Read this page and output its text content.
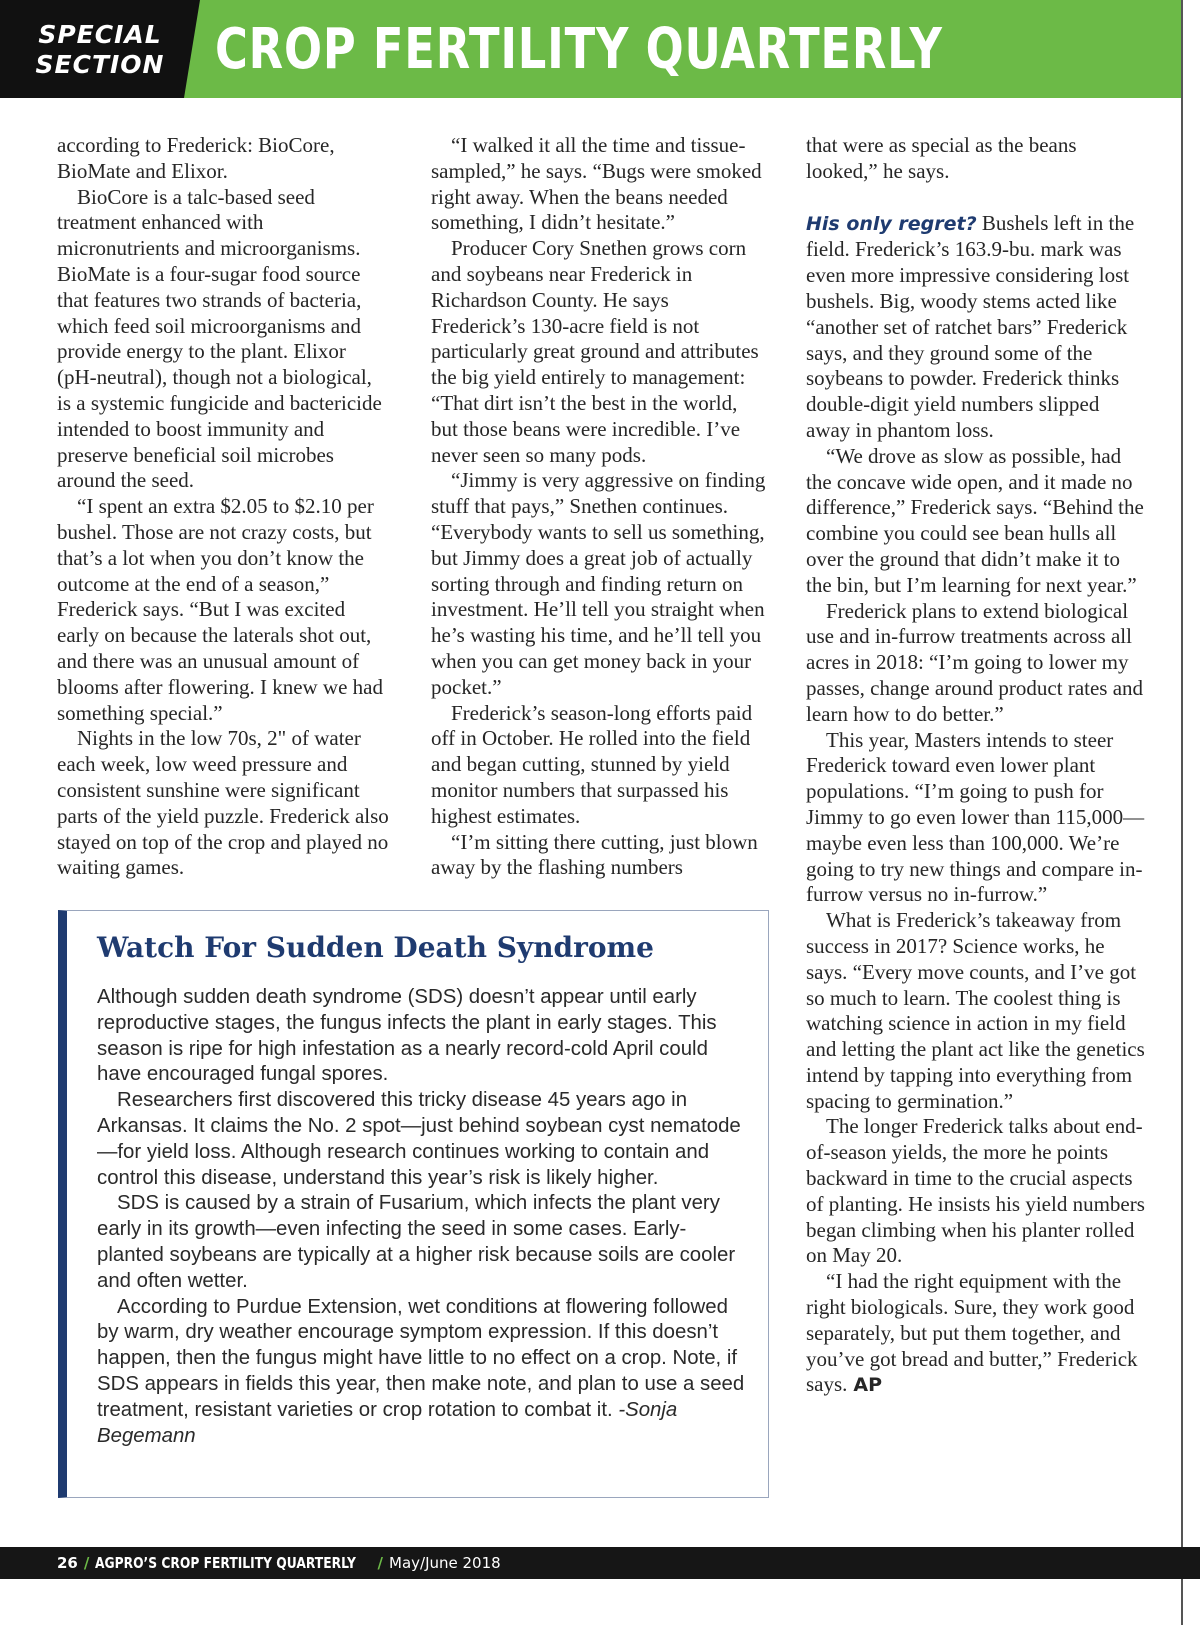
SPECIAL
SECTION CROP FERTILITY QUARTERLY

according to Frederick: BioCore, BioMate and Elixor.

BioCore is a talc-based seed treatment enhanced with micronutrients and microorganisms. BioMate is a four-sugar food source that features two strands of bacteria, which feed soil microorganisms and provide energy to the plant. Elixor (pH-neutral), though not a biological, is a systemic fungicide and bactericide intended to boost immunity and preserve beneficial soil microbes around the seed.

“I spent an extra $2.05 to $2.10 per bushel. Those are not crazy costs, but that’s a lot when you don’t know the outcome at the end of a season,” Frederick says. “But I was excited early on because the laterals shot out, and there was an unusual amount of blooms after flowering. I knew we had something special.”

Nights in the low 70s, 2" of water each week, low weed pressure and consistent sunshine were significant parts of the yield puzzle. Frederick also stayed on top of the crop and played no waiting games.

“I walked it all the time and tissue-sampled,” he says. “Bugs were smoked right away. When the beans needed something, I didn’t hesitate.”

Producer Cory Snethen grows corn and soybeans near Frederick in Richardson County. He says Frederick’s 130-acre field is not particularly great ground and attributes the big yield entirely to management: “That dirt isn’t the best in the world, but those beans were incredible. I’ve never seen so many pods.

“Jimmy is very aggressive on finding stuff that pays,” Snethen continues. “Everybody wants to sell us something, but Jimmy does a great job of actually sorting through and finding return on investment. He’ll tell you straight when he’s wasting his time, and he’ll tell you when you can get money back in your pocket.”

Frederick’s season-long efforts paid off in October. He rolled into the field and began cutting, stunned by yield monitor numbers that surpassed his highest estimates.

“I’m sitting there cutting, just blown away by the flashing numbers

that were as special as the beans looked,” he says.

His only regret? Bushels left in the field. Frederick’s 163.9-bu. mark was even more impressive considering lost bushels. Big, woody stems acted like “another set of ratchet bars” Frederick says, and they ground some of the soybeans to powder. Frederick thinks double-digit yield numbers slipped away in phantom loss.

“We drove as slow as possible, had the concave wide open, and it made no difference,” Frederick says. “Behind the combine you could see bean hulls all over the ground that didn’t make it to the bin, but I’m learning for next year.”

Frederick plans to extend biological use and in-furrow treatments across all acres in 2018: “I’m going to lower my passes, change around product rates and learn how to do better.”

This year, Masters intends to steer Frederick toward even lower plant populations. “I’m going to push for Jimmy to go even lower than 115,000—maybe even less than 100,000. We’re going to try new things and compare in-furrow versus no in-furrow.”

What is Frederick’s takeaway from success in 2017? Science works, he says. “Every move counts, and I’ve got so much to learn. The coolest thing is watching science in action in my field and letting the plant act like the genetics intend by tapping into everything from spacing to germination.”

The longer Frederick talks about end-of-season yields, the more he points backward in time to the crucial aspects of planting. He insists his yield numbers began climbing when his planter rolled on May 20.

“I had the right equipment with the right biologicals. Sure, they work good separately, but put them together, and you’ve got bread and butter,” Frederick says. AP

Watch For Sudden Death Syndrome

Although sudden death syndrome (SDS) doesn’t appear until early reproductive stages, the fungus infects the plant in early stages. This season is ripe for high infestation as a nearly record-cold April could have encouraged fungal spores.

Researchers first discovered this tricky disease 45 years ago in Arkansas. It claims the No. 2 spot—just behind soybean cyst nematode—for yield loss. Although research continues working to contain and control this disease, understand this year’s risk is likely higher.

SDS is caused by a strain of Fusarium, which infects the plant very early in its growth—even infecting the seed in some cases. Early-planted soybeans are typically at a higher risk because soils are cooler and often wetter.

According to Purdue Extension, wet conditions at flowering followed by warm, dry weather encourage symptom expression. If this doesn’t happen, then the fungus might have little to no effect on a crop. Note, if SDS appears in fields this year, then make note, and plan to use a seed treatment, resistant varieties or crop rotation to combat it. -Sonja Begemann

26 / AGPRO’S CROP FERTILITY QUARTERLY / May/June 2018
